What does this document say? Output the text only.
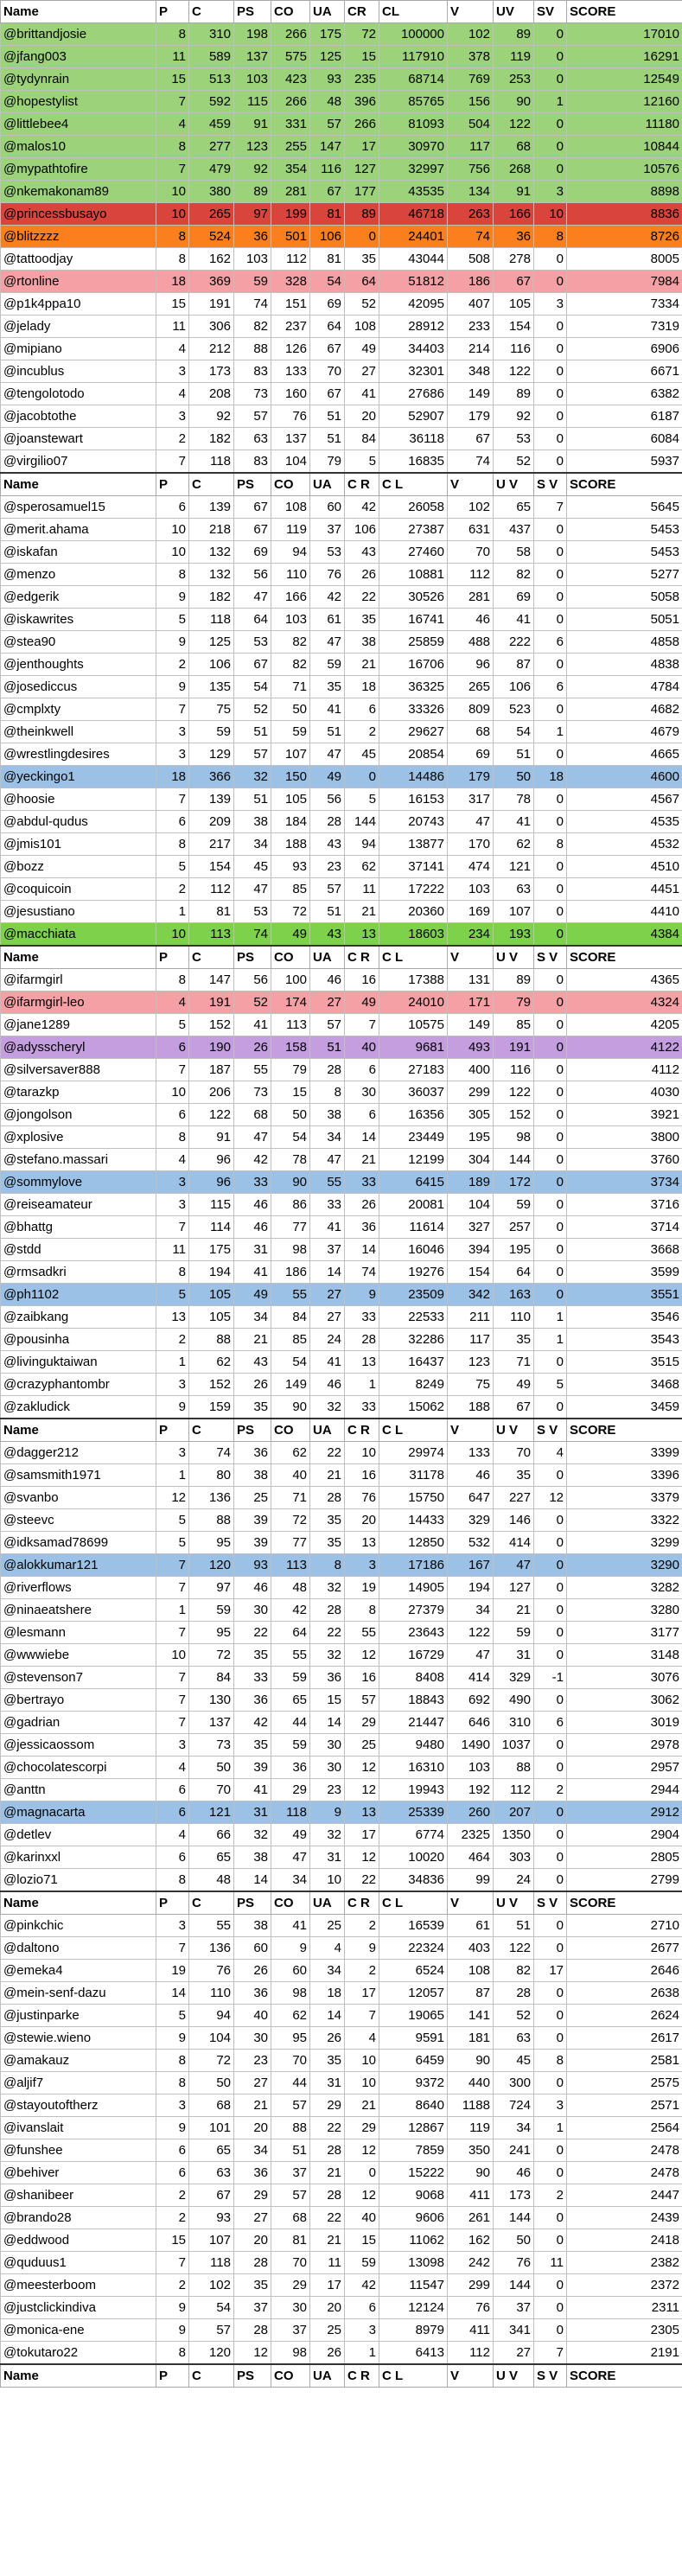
Name	P	C	PS	CO	UA	CR	CL	V	UV	SV	SCORE
@brittandjosie	8	310	198	266	175	72	100000	102	89	0	17010
@jfang003	11	589	137	575	125	15	117910	378	119	0	16291
@tydynrain	15	513	103	423	93	235	68714	769	253	0	12549
@hopestylist	7	592	115	266	48	396	85765	156	90	1	12160
@littlebee4	4	459	91	331	57	266	81093	504	122	0	11180
@malos10	8	277	123	255	147	17	30970	117	68	0	10844
@mypathtofire	7	479	92	354	116	127	32997	756	268	0	10576
@nkemakonam89	10	380	89	281	67	177	43535	134	91	3	8898
@princessbusayo	10	265	97	199	81	89	46718	263	166	10	8836
@blitzzzz	8	524	36	501	106	0	24401	74	36	8	8726
@tattoodjay	8	162	103	112	81	35	43044	508	278	0	8005
@rtonline	18	369	59	328	54	64	51812	186	67	0	7984
@p1k4ppa10	15	191	74	151	69	52	42095	407	105	3	7334
@jelady	11	306	82	237	64	108	28912	233	154	0	7319
@mipiano	4	212	88	126	67	49	34403	214	116	0	6906
@incublus	3	173	83	133	70	27	32301	348	122	0	6671
@tengolotodo	4	208	73	160	67	41	27686	149	89	0	6382
@jacobtothe	3	92	57	76	51	20	52907	179	92	0	6187
@joanstewart	2	182	63	137	51	84	36118	67	53	0	6084
@virgilio07	7	118	83	104	79	5	16835	74	52	0	5937
Name	P	C	PS	CO	UA	C R	C L	V	U V	S V	SCORE
@sperosamuel15	6	139	67	108	60	42	26058	102	65	7	5645
@merit.ahama	10	218	67	119	37	106	27387	631	437	0	5453
@iskafan	10	132	69	94	53	43	27460	70	58	0	5453
@menzo	8	132	56	110	76	26	10881	112	82	0	5277
@edgerik	9	182	47	166	42	22	30526	281	69	0	5058
@iskawrites	5	118	64	103	61	35	16741	46	41	0	5051
@stea90	9	125	53	82	47	38	25859	488	222	6	4858
@jenthoughts	2	106	67	82	59	21	16706	96	87	0	4838
@josediccus	9	135	54	71	35	18	36325	265	106	6	4784
@cmplxty	7	75	52	50	41	6	33326	809	523	0	4682
@theinkwell	3	59	51	59	51	2	29627	68	54	1	4679
@wrestlingdesires	3	129	57	107	47	45	20854	69	51	0	4665
@yeckingo1	18	366	32	150	49	0	14486	179	50	18	4600
@hoosie	7	139	51	105	56	5	16153	317	78	0	4567
@abdul-qudus	6	209	38	184	28	144	20743	47	41	0	4535
@jmis101	8	217	34	188	43	94	13877	170	62	8	4532
@bozz	5	154	45	93	23	62	37141	474	121	0	4510
@coquicoin	2	112	47	85	57	11	17222	103	63	0	4451
@jesustiano	1	81	53	72	51	21	20360	169	107	0	4410
@macchiata	10	113	74	49	43	13	18603	234	193	0	4384
Name	P	C	PS	CO	UA	C R	C L	V	U V	S V	SCORE
@ifarmgirl	8	147	56	100	46	16	17388	131	89	0	4365
@ifarmgirl-leo	4	191	52	174	27	49	24010	171	79	0	4324
@jane1289	5	152	41	113	57	7	10575	149	85	0	4205
@adysscheryl	6	190	26	158	51	40	9681	493	191	0	4122
@silversaver888	7	187	55	79	28	6	27183	400	116	0	4112
@tarazkp	10	206	73	15	8	30	36037	299	122	0	4030
@jongolson	6	122	68	50	38	6	16356	305	152	0	3921
@xplosive	8	91	47	54	34	14	23449	195	98	0	3800
@stefano.massari	4	96	42	78	47	21	12199	304	144	0	3760
@sommylove	3	96	33	90	55	33	6415	189	172	0	3734
@reiseamateur	3	115	46	86	33	26	20081	104	59	0	3716
@bhattg	7	114	46	77	41	36	11614	327	257	0	3714
@stdd	11	175	31	98	37	14	16046	394	195	0	3668
@rmsadkri	8	194	41	186	14	74	19276	154	64	0	3599
@ph1102	5	105	49	55	27	9	23509	342	163	0	3551
@zaibkang	13	105	34	84	27	33	22533	211	110	1	3546
@pousinha	2	88	21	85	24	28	32286	117	35	1	3543
@livinguktaiwan	1	62	43	54	41	13	16437	123	71	0	3515
@crazyphantombr	3	152	26	149	46	1	8249	75	49	5	3468
@zakludick	9	159	35	90	32	33	15062	188	67	0	3459
Name	P	C	PS	CO	UA	C R	C L	V	U V	S V	SCORE
@dagger212	3	74	36	62	22	10	29974	133	70	4	3399
@samsmith1971	1	80	38	40	21	16	31178	46	35	0	3396
@svanbo	12	136	25	71	28	76	15750	647	227	12	3379
@steevc	5	88	39	72	35	20	14433	329	146	0	3322
@idksamad78699	5	95	39	77	35	13	12850	532	414	0	3299
@alokkumar121	7	120	93	113	8	3	17186	167	47	0	3290
@riverflows	7	97	46	48	32	19	14905	194	127	0	3282
@ninaeatshere	1	59	30	42	28	8	27379	34	21	0	3280
@lesmann	7	95	22	64	22	55	23643	122	59	0	3177
@wwwiebe	10	72	35	55	32	12	16729	47	31	0	3148
@stevenson7	7	84	33	59	36	16	8408	414	329	-1	3076
@bertrayo	7	130	36	65	15	57	18843	692	490	0	3062
@gadrian	7	137	42	44	14	29	21447	646	310	6	3019
@jessicaossom	3	73	35	59	30	25	9480	1490	1037	0	2978
@chocolatescorpi	4	50	39	36	30	12	16310	103	88	0	2957
@anttn	6	70	41	29	23	12	19943	192	112	2	2944
@magnacarta	6	121	31	118	9	13	25339	260	207	0	2912
@detlev	4	66	32	49	32	17	6774	2325	1350	0	2904
@karinxxl	6	65	38	47	31	12	10020	464	303	0	2805
@lozio71	8	48	14	34	10	22	34836	99	24	0	2799
Name	P	C	PS	CO	UA	C R	C L	V	U V	S V	SCORE
@pinkchic	3	55	38	41	25	2	16539	61	51	0	2710
@daltono	7	136	60	9	4	9	22324	403	122	0	2677
@emeka4	19	76	26	60	34	2	6524	108	82	17	2646
@mein-senf-dazu	14	110	36	98	18	17	12057	87	28	0	2638
@justinparke	5	94	40	62	14	7	19065	141	52	0	2624
@stewie.wieno	9	104	30	95	26	4	9591	181	63	0	2617
@amakauz	8	72	23	70	35	10	6459	90	45	8	2581
@aljif7	8	50	27	44	31	10	9372	440	300	0	2575
@stayoutoftherz	3	68	21	57	29	21	8640	1188	724	3	2571
@ivanslait	9	101	20	88	22	29	12867	119	34	1	2564
@funshee	6	65	34	51	28	12	7859	350	241	0	2478
@behiver	6	63	36	37	21	0	15222	90	46	0	2478
@shanibeer	2	67	29	57	28	12	9068	411	173	2	2447
@brando28	2	93	27	68	22	40	9606	261	144	0	2439
@eddwood	15	107	20	81	21	15	11062	162	50	0	2418
@quduus1	7	118	28	70	11	59	13098	242	76	11	2382
@meesterboom	2	102	35	29	17	42	11547	299	144	0	2372
@justclickindiva	9	54	37	30	20	6	12124	76	37	0	2311
@monica-ene	9	57	28	37	25	3	8979	411	341	0	2305
@tokutaro22	8	120	12	98	26	1	6413	112	27	7	2191
Name	P	C	PS	CO	UA	C R	C L	V	U V	S V	SCORE
